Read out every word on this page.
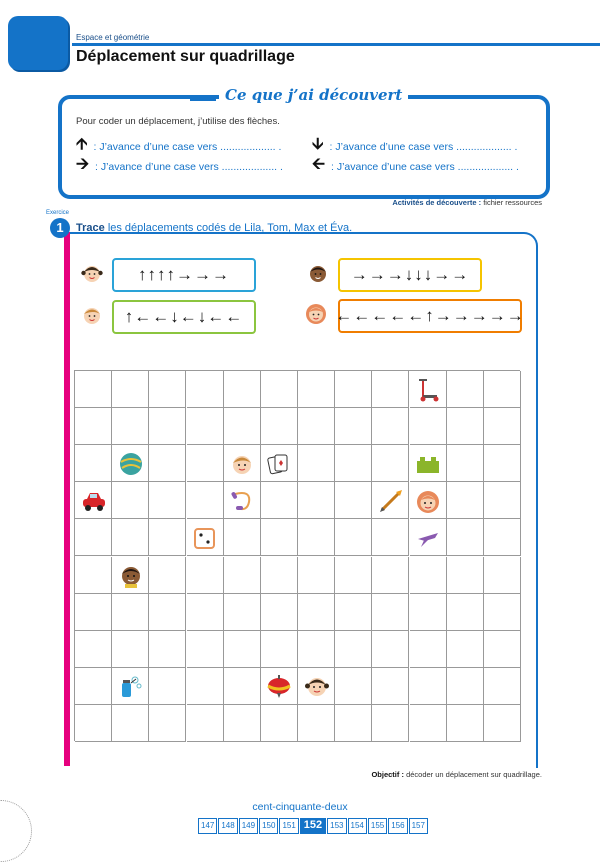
Espace et géométrie
Déplacement sur quadrillage
Ce que j’ai découvert
Pour coder un déplacement, j’utilise des flèches.
🡩 : J’avance d’une case vers ................... . 🡫 : J’avance d’une case vers ................... .
🡪 : J’avance d’une case vers ................... . 🡨 : J’avance d’une case vers ................... .
Activités de découverte : fichier ressources
Exercice
1	Trace les déplacements codés de Lila, Tom, Max et Éva.
↑↑↑↑→→→
↑←←↓←↓←←
→→→↓↓↓→→
←←←←←↑→→→→→
Objectif : décoder un déplacement sur quadrillage.
cent-cinquante-deux
147 148 149 150 151 152	153 154 155 156 157
